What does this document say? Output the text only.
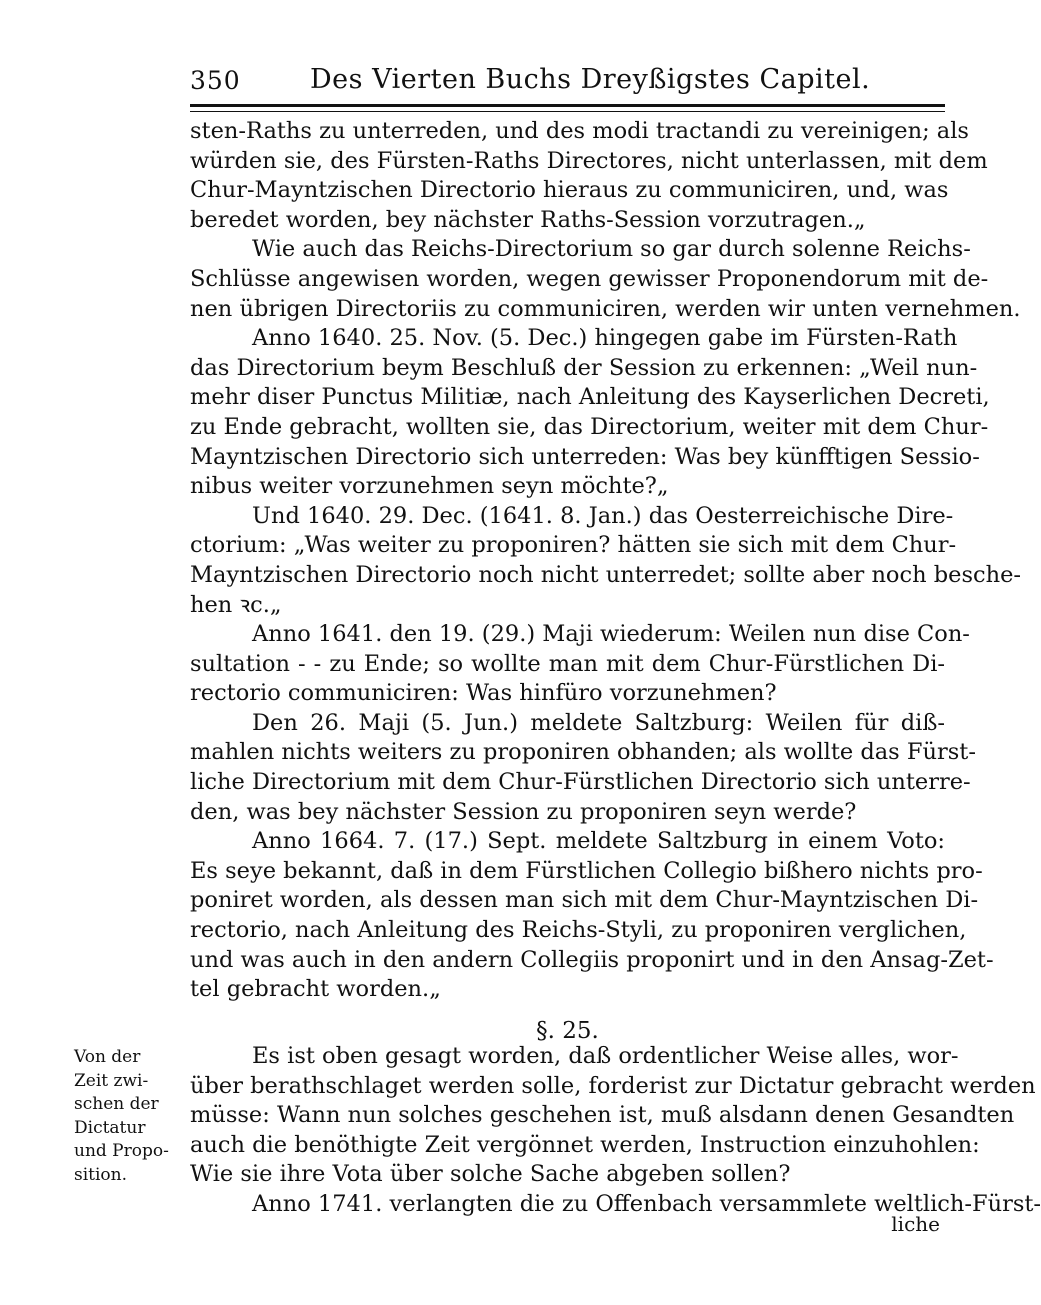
350	Des Vierten Buchs Dreyßigstes Capitel.
sten-Raths zu unterreden, und des modi tractandi zu vereinigen; als
würden sie, des Fürsten-Raths Directores, nicht unterlassen, mit dem
Chur-Mayntzischen Directorio hieraus zu communiciren, und, was
beredet worden, bey nächster Raths-Session vorzutragen.„
Wie auch das Reichs-Directorium so gar durch solenne Reichs-
Schlüsse angewisen worden, wegen gewisser Proponendorum mit de-
nen übrigen Directoriis zu communiciren, werden wir unten vernehmen.
Anno 1640. 25. Nov. (5. Dec.) hingegen gabe im Fürsten-Rath
das Directorium beym Beschluß der Session zu erkennen: „Weil nun-
mehr diser Punctus Militiæ, nach Anleitung des Kayserlichen Decreti,
zu Ende gebracht, wollten sie, das Directorium, weiter mit dem Chur-
Mayntzischen Directorio sich unterreden: Was bey künfftigen Sessio-
nibus weiter vorzunehmen seyn möchte?„
Und 1640. 29. Dec. (1641. 8. Jan.) das Oesterreichische Dire-
ctorium: „Was weiter zu proponiren? hätten sie sich mit dem Chur-
Mayntzischen Directorio noch nicht unterredet; sollte aber noch besche-
hen ꝛc.„
Anno 1641. den 19. (29.) Maji wiederum: Weilen nun dise Con-
sultation - - zu Ende; so wollte man mit dem Chur-Fürstlichen Di-
rectorio communiciren: Was hinfüro vorzunehmen?
Den 26. Maji (5. Jun.) meldete Saltzburg: Weilen für diß-
mahlen nichts weiters zu proponiren obhanden; als wollte das Fürst-
liche Directorium mit dem Chur-Fürstlichen Directorio sich unterre-
den, was bey nächster Session zu proponiren seyn werde?
Anno 1664. 7. (17.) Sept. meldete Saltzburg in einem Voto:
Es seye bekannt, daß in dem Fürstlichen Collegio bißhero nichts pro-
poniret worden, als dessen man sich mit dem Chur-Mayntzischen Di-
rectorio, nach Anleitung des Reichs-Styli, zu proponiren verglichen,
und was auch in den andern Collegiis proponirt und in den Ansag-Zet-
tel gebracht worden.„
§. 25.
Es ist oben gesagt worden, daß ordentlicher Weise alles, wor-
über berathschlaget werden solle, forderist zur Dictatur gebracht werden
müsse: Wann nun solches geschehen ist, muß alsdann denen Gesandten
auch die benöthigte Zeit vergönnet werden, Instruction einzuhohlen:
Wie sie ihre Vota über solche Sache abgeben sollen?
Anno 1741. verlangten die zu Offenbach versammlete weltlich-Fürst-
Von der
Zeit zwi-
schen der
Dictatur
und Propo-
sition.
liche
